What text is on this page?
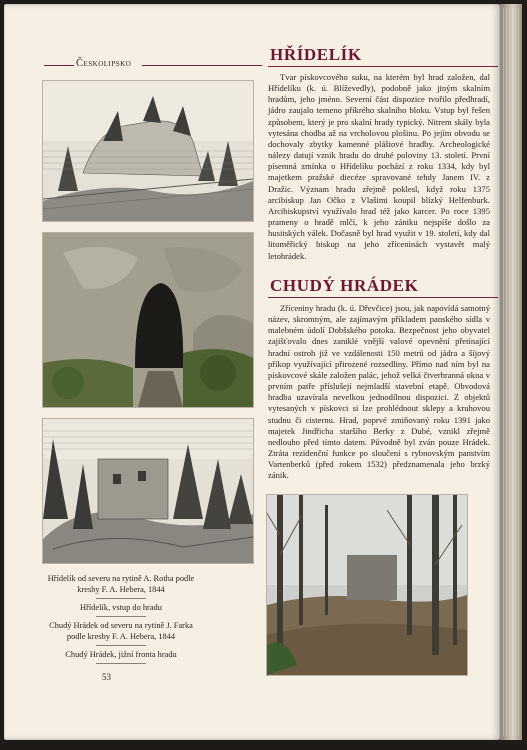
Českolipsko	HŘÍDELÍK

Tvar pískovcového suku, na kterém byl hrad založen, dal Hřídelíku (k. ú. Blíževedly), podobně jako jiným skalním hradům, jeho jméno. Severní část dispozice tvořilo předhradí, jádro zaujalo temeno příkrého skalního bloku. Vstup byl řešen způsobem, který je pro skalní hrady typický. Nitrem skály byla vytesána chodba až na vrcholovou plošinu. Po jejím obvodu se dochovaly zbytky kamenné pláštové hradby. Archeologické nálezy datují vznik hradu do druhé poloviny 13. století. První písemná zmínka o Hřídelíku pochází z roku 1334, kdy byl majetkem pražské diecéze spravované tehdy Janem IV. z Dražic. Význam hradu zřejmě poklesl, když roku 1375 arcibiskup Jan Očko z Vlašimi koupil blízký Helfenburk. Arcibiskupství využívalo hrad též jako karcer. Po roce 1395 prameny o hradě mlčí, k jeho zániku nejspíše došlo za husitských válek. Dočasně byl hrad využit v 19. století, kdy dal litoměřický biskup na jeho zříceninách vystavět malý letohrádek.

CHUDÝ HRÁDEK

Zříceniny hradu (k. ú. Dřevčice) jsou, jak napovídá samotný název, skromným, ale zajímavým příkladem panského sídla v malebném údolí Dobšského potoka. Bezpečnost jeho obyvatel zajišťovalo dnes zaniklé vnější valové opevnění přetínající hradní ostroh již ve vzdálenosti 150 metrů od jádra a šíjový příkop využívající přirozené rozsedliny. Přímo nad ním byl na pískovcové skále založen palác, jehož velká čtverhranná okna v prvním patře příslušejí nejmladší stavební etapě. Obvodová hradba uzavírala nevelkou jednodílnou dispozici. Z objektů vytesaných v pískovci si lze prohlédnout sklepy a kruhovou studnu či cisternu. Hrad, poprvé zmiňovaný roku 1391 jako majetek Jindřicha staršího Berky z Dubé, vznikl zřejmě nedlouho před tímto datem. Původně byl zván pouze Hrádek. Ztráta rezidenční funkce po sloučení s rybnovským panstvím Vartenberků (před rokem 1532) předznamenala jeho brzký zánik.

Hřídelík od severu na rytině A. Rotha podle kresby F. A. Hebera, 1844
Hřídelík, vstup do hradu
Chudý Hrádek od severu na rytině J. Farka podle kresby F. A. Hebera, 1844
Chudý Hrádek, jižní fronta hradu
53
